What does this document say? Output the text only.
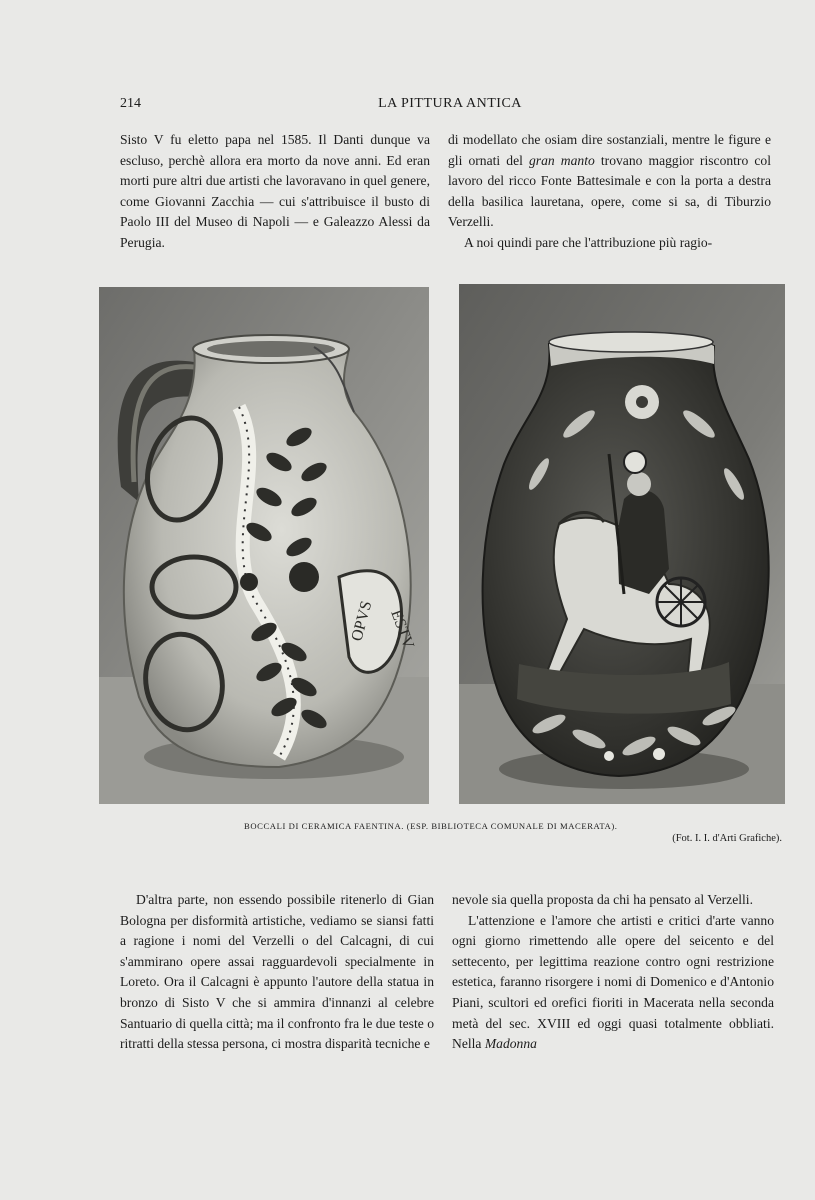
214	LA PITTURA ANTICA

Sisto V fu eletto papa nel 1585. Il Danti dunque va escluso, perchè allora era morto da nove anni. Ed eran morti pure altri due artisti che lavoravano in quel genere, come Giovanni Zacchia — cui s'attribuisce il busto di Paolo III del Museo di Napoli — e Galeazzo Alessi da Perugia.

di modellato che osiam dire sostanziali, mentre le figure e gli ornati del gran manto trovano maggior riscontro col lavoro del ricco Fonte Battesimale e con la porta a destra della basilica lauretana, opere, come si sa, di Tiburzio Verzelli.

A noi quindi pare che l'attribuzione più ragio-

OPVS ESTV
BOCCALI DI CERAMICA FAENTINA. (ESP. BIBLIOTECA COMUNALE DI MACERATA).
(Fot. I. I. d'Arti Grafiche).

D'altra parte, non essendo possibile ritenerlo di Gian Bologna per disformità artistiche, vediamo se siansi fatti a ragione i nomi del Verzelli o del Calcagni, di cui s'ammirano opere assai ragguardevoli specialmente in Loreto. Ora il Calcagni è appunto l'autore della statua in bronzo di Sisto V che si ammira d'innanzi al celebre Santuario di quella città; ma il confronto fra le due teste o ritratti della stessa persona, ci mostra disparità tecniche e

nevole sia quella proposta da chi ha pensato al Verzelli.

L'attenzione e l'amore che artisti e critici d'arte vanno ogni giorno rimettendo alle opere del seicento e del settecento, per legittima reazione contro ogni restrizione estetica, faranno risorgere i nomi di Domenico e d'Antonio Piani, scultori ed orefici fioriti in Macerata nella seconda metà del sec. XVIII ed oggi quasi totalmente obbliati. Nella Madonna
